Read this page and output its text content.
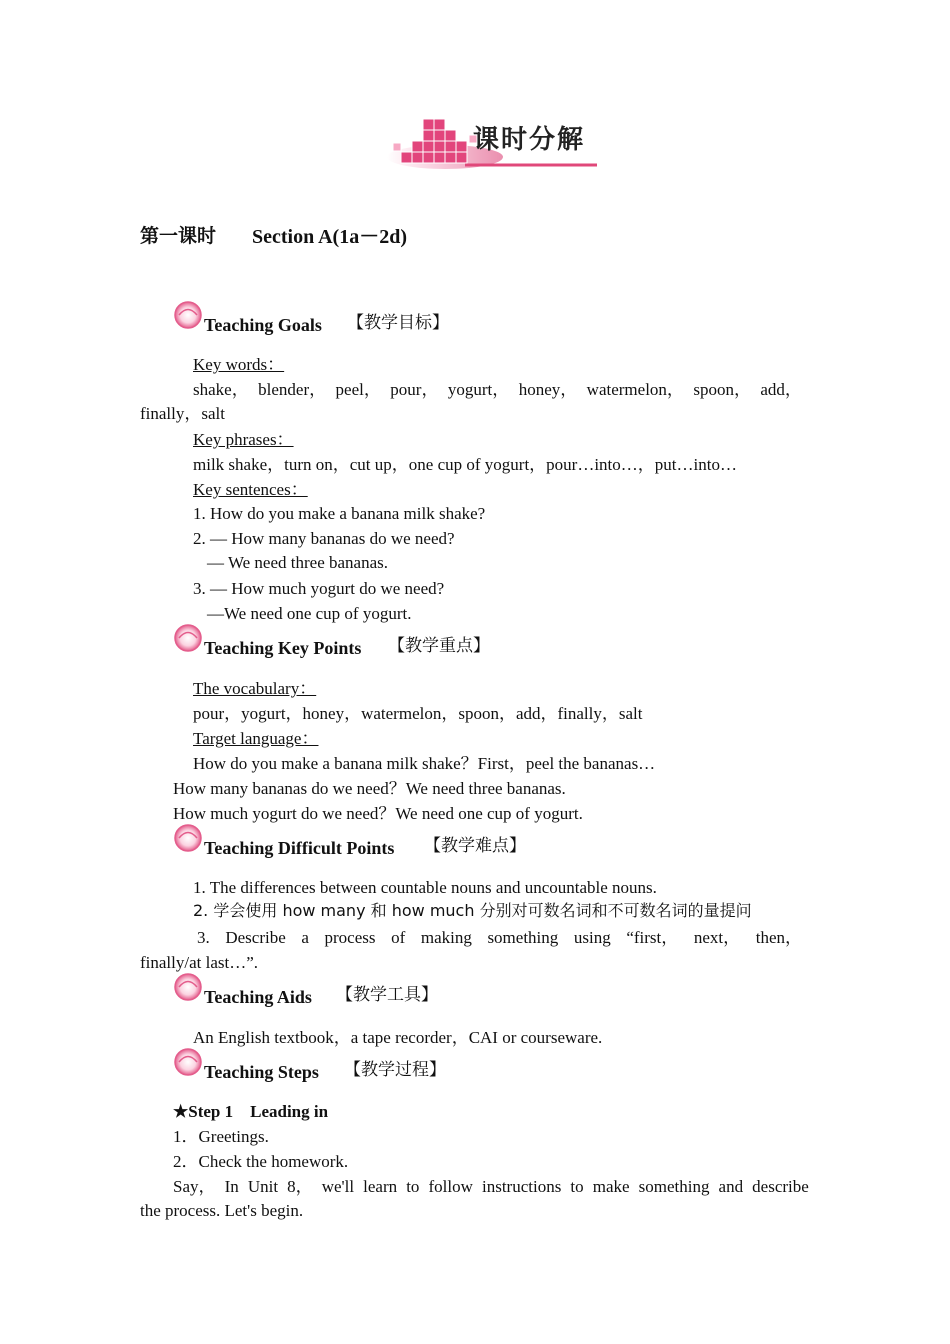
课时分解
第一课时 Section A(1a－2d)
Teaching Goals 【教学目标】
Key words：
shake， blender， peel， pour， yogurt， honey， watermelon， spoon， add，
finally，salt
Key phrases：
milk shake，turn on，cut up，one cup of yogurt，pour…into…，put…into…
Key sentences：
1. How do you make a banana milk shake?
2. — How many bananas do we need?
— We need three bananas.
3. — How much yogurt do we need?
—We need one cup of yogurt.
Teaching Key Points 【教学重点】
The vocabulary：
pour，yogurt，honey，watermelon，spoon，add，finally，salt
Target language：
How do you make a banana milk shake？First，peel the bananas…
How many bananas do we need？We need three bananas.
How much yogurt do we need？We need one cup of yogurt.
Teaching Difficult Points 【教学难点】
1. The differences between countable nouns and uncountable nouns.
2. 学会使用 how many 和 how much 分别对可数名词和不可数名词的量提问
3. Describe a process of making something using “first， next， then，
finally/at last…”.
Teaching Aids 【教学工具】
An English textbook，a tape recorder，CAI or courseware.
Teaching Steps 【教学过程】
★Step 1　Leading in
1．Greetings.
2．Check the homework.
Say， In Unit 8， we'll learn to follow instructions to make something and describe
the process. Let's begin.
